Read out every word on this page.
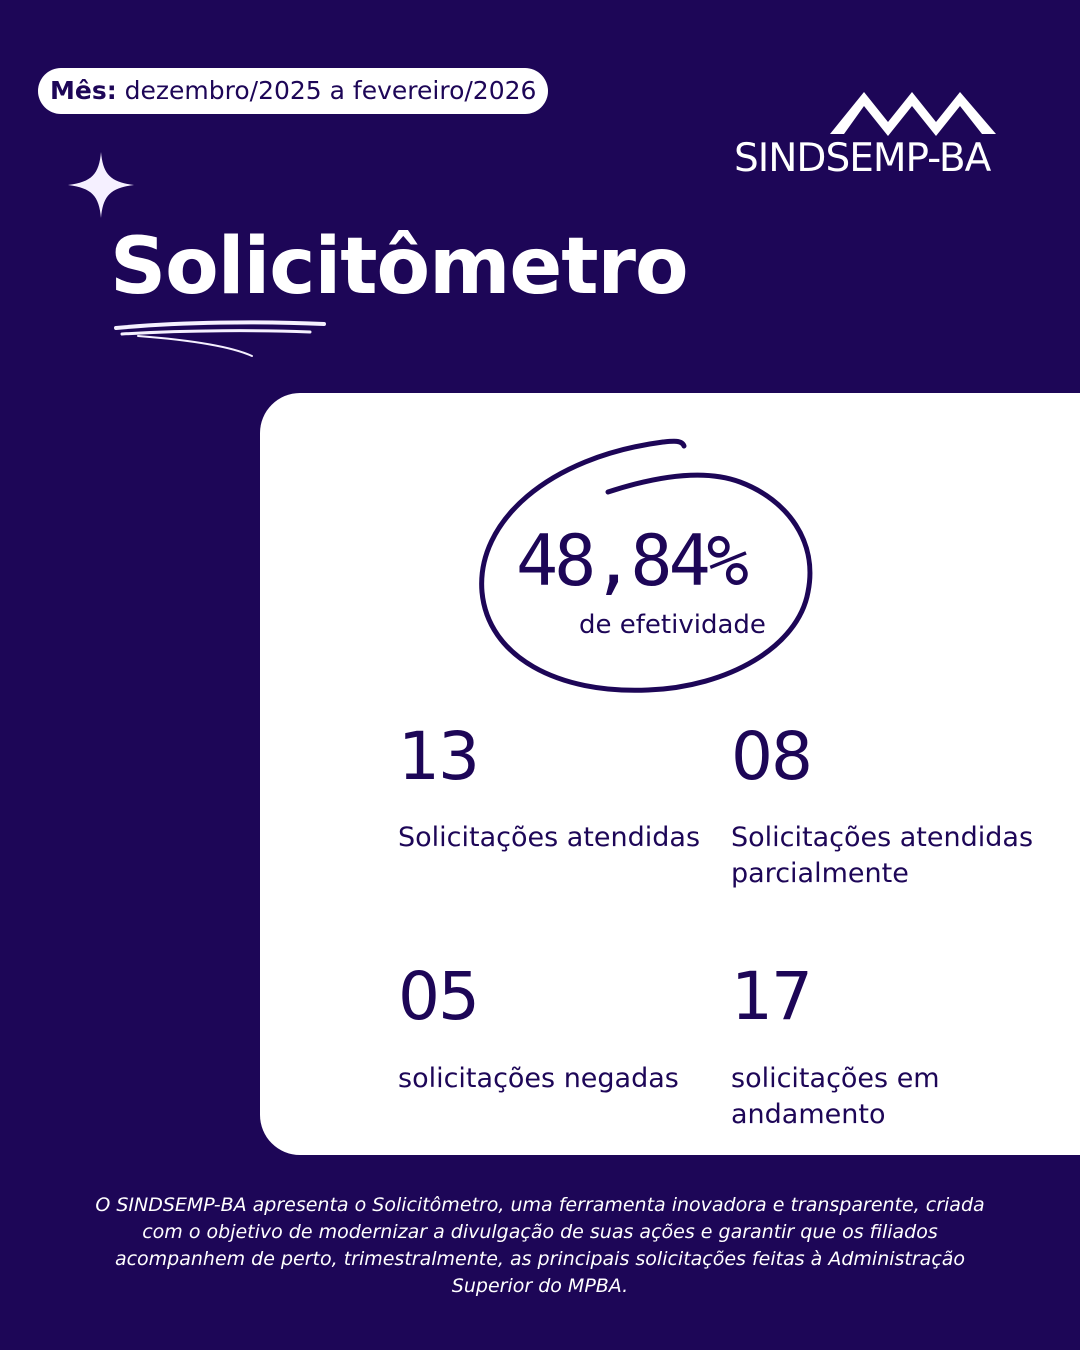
Mês: dezembro/2025 a fevereiro/2026
SINDSEMP-BA
Solicitômetro
48,84%
de efetividade
13
Solicitações atendidas
08
Solicitações atendidas parcialmente
05
solicitações negadas
17
solicitações em andamento
O SINDSEMP-BA apresenta o Solicitômetro, uma ferramenta inovadora e transparente, criada com o objetivo de modernizar a divulgação de suas ações e garantir que os filiados acompanhem de perto, trimestralmente, as principais solicitações feitas à Administração Superior do MPBA.
